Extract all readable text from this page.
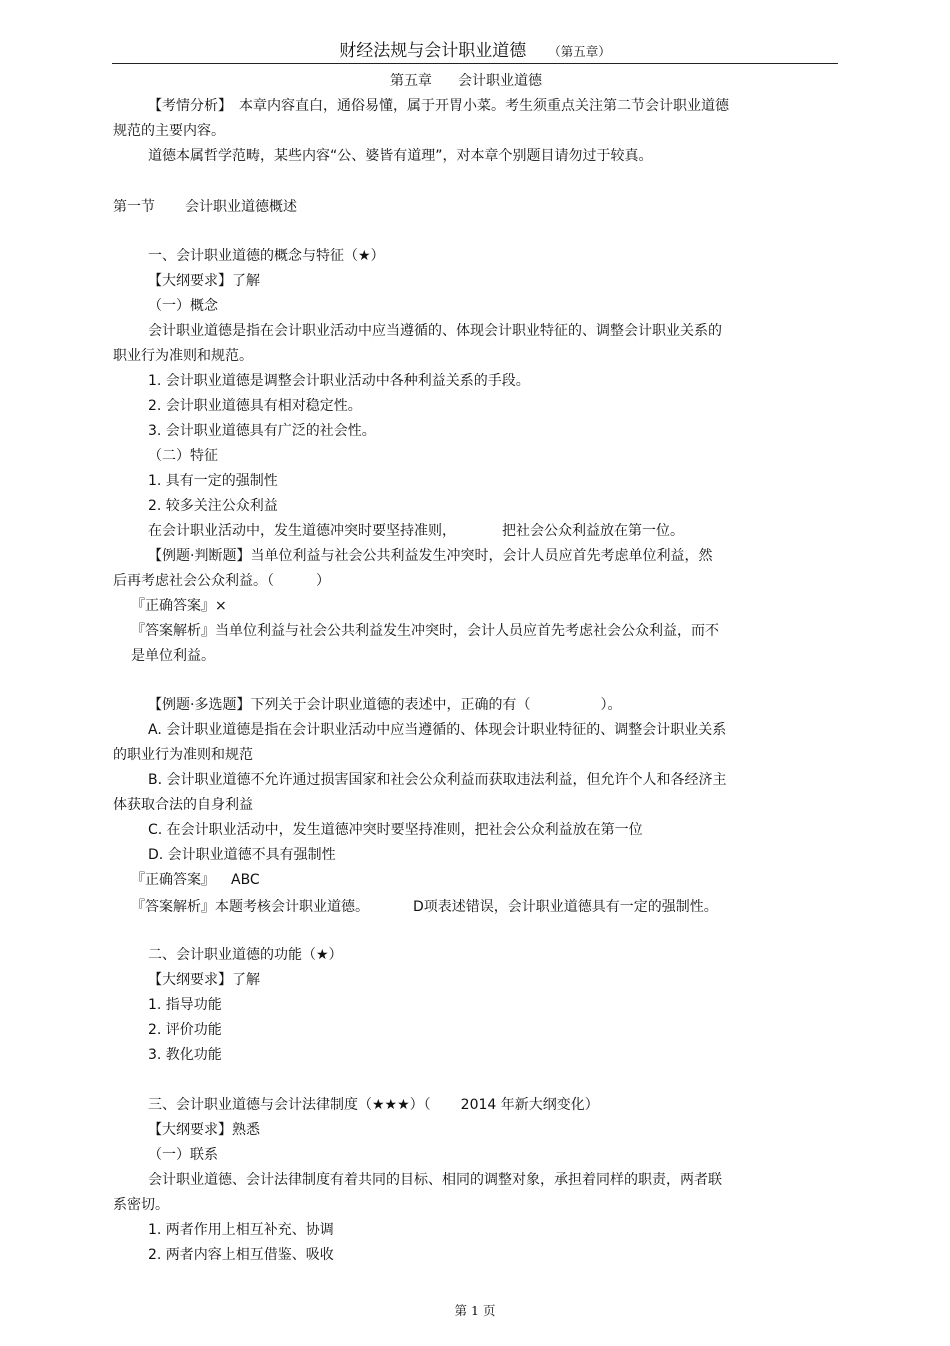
财经法规与会计职业道德 （第五章）
第五章 会计职业道德
【考情分析】　本章内容直白，通俗易懂，属于开胃小菜。考生须重点关注第二节会计职业道德
规范的主要内容。
道德本属哲学范畴，某些内容“公、婆皆有道理”，对本章个别题目请勿过于较真。
第一节 会计职业道德概述
一、会计职业道德的概念与特征（★）
【大纲要求】了解
（一）概念
会计职业道德是指在会计职业活动中应当遵循的、体现会计职业特征的、调整会计职业关系的
职业行为准则和规范。
1. 会计职业道德是调整会计职业活动中各种利益关系的手段。
2. 会计职业道德具有相对稳定性。
3. 会计职业道德具有广泛的社会性。
（二）特征
1. 具有一定的强制性
2. 较多关注公众利益
在会计职业活动中，发生道德冲突时要坚持准则，	把社会公众利益放在第一位。
【例题·判断题】当单位利益与社会公共利益发生冲突时，会计人员应首先考虑单位利益，然
后再考虑社会公众利益。（　　　）
『正确答案』×
『答案解析』当单位利益与社会公共利益发生冲突时，会计人员应首先考虑社会公众利益，而不
是单位利益。
【例题·多选题】下列关于会计职业道德的表述中，正确的有（	）。
A. 会计职业道德是指在会计职业活动中应当遵循的、体现会计职业特征的、调整会计职业关系
的职业行为准则和规范
B. 会计职业道德不允许通过损害国家和社会公众利益而获取违法利益，但允许个人和各经济主
体获取合法的自身利益
C. 在会计职业活动中，发生道德冲突时要坚持准则，把社会公众利益放在第一位
D. 会计职业道德不具有强制性
『正确答案』 ABC
『答案解析』本题考核会计职业道德。	D项表述错误，会计职业道德具有一定的强制性。
二、会计职业道德的功能（★）
【大纲要求】了解
1. 指导功能
2. 评价功能
3. 教化功能
三、会计职业道德与会计法律制度（★★★）（ 2014 年新大纲变化）
【大纲要求】熟悉
（一）联系
会计职业道德、会计法律制度有着共同的目标、相同的调整对象，承担着同样的职责，两者联
系密切。
1. 两者作用上相互补充、协调
2. 两者内容上相互借鉴、吸收
第 1 页
